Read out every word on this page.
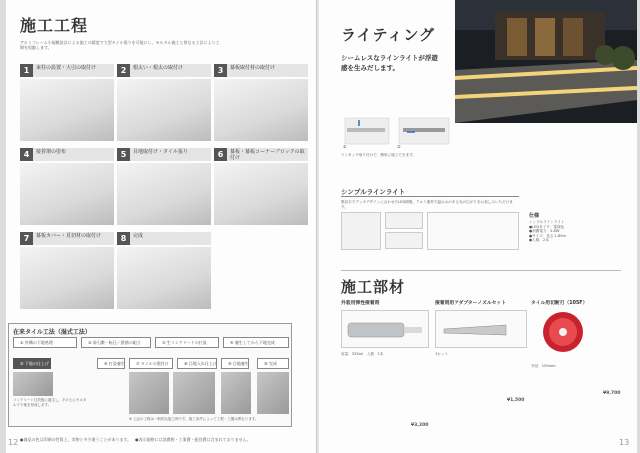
施工工程
アルミフレーム小規模設計による施工の精度で大型タイル張りを可能にし、モルタル施工と異なる工法により工期を短縮します。
1	束柱の設置・大引の取付け	2	根太い・根太の取付け	3	幕板取付材の取付け
4	接着剤の塗布	5	目地取付け・タイル張り	6	幕板・幕板コーナーブロックの取付け
7	幕板カバー・見切材の取付け	8	完成
在来タイル工法（湿式工法）
① 外構の下地処理	② 砕石敷・転圧／鉄筋の組立	③ 生コンクリートの打設	④ 養生してから下地完成
⑤ 下地の仕上げ	⑥ 打設養生	⑦ タイルの張付け	⑧ 目地入れ仕上げ	⑨ 目地養生	⑩ 完成
コンクリート打設後に養生し、その上にモルタルで下地を形成します。
※ 上記の工程は一般的な施工例です。施工条件によって工程・工期は異なります。
●商品の色は印刷の性質上、実物と多少違うことがあります。　●表示価格には消費税・工事費・配送費は含まれておりません。
12
ライティング
シームレスなラインライトが浮遊感を生みだします。
①	②
ワンタッチ取り付けで、簡単に施工できます。
シンプルラインライト
既存木でデッキデザインに合わせたLED照明。アルミ素材で温かみのある光の広がりをお楽しみいただけます。
仕様
シンプルラインライト
●LEDタイプ：電球色
●消費電力：2.8W
●サイズ：長さ 1.80m
●入数：2本
施工部材
外装用弾性接着剤
容量：333ml　入数：1本
¥3,200
接着剤用アダプターノズルセット
1セット
¥1,500
タイル用切断刃（105F）
外径：105mm
¥9,700
13
